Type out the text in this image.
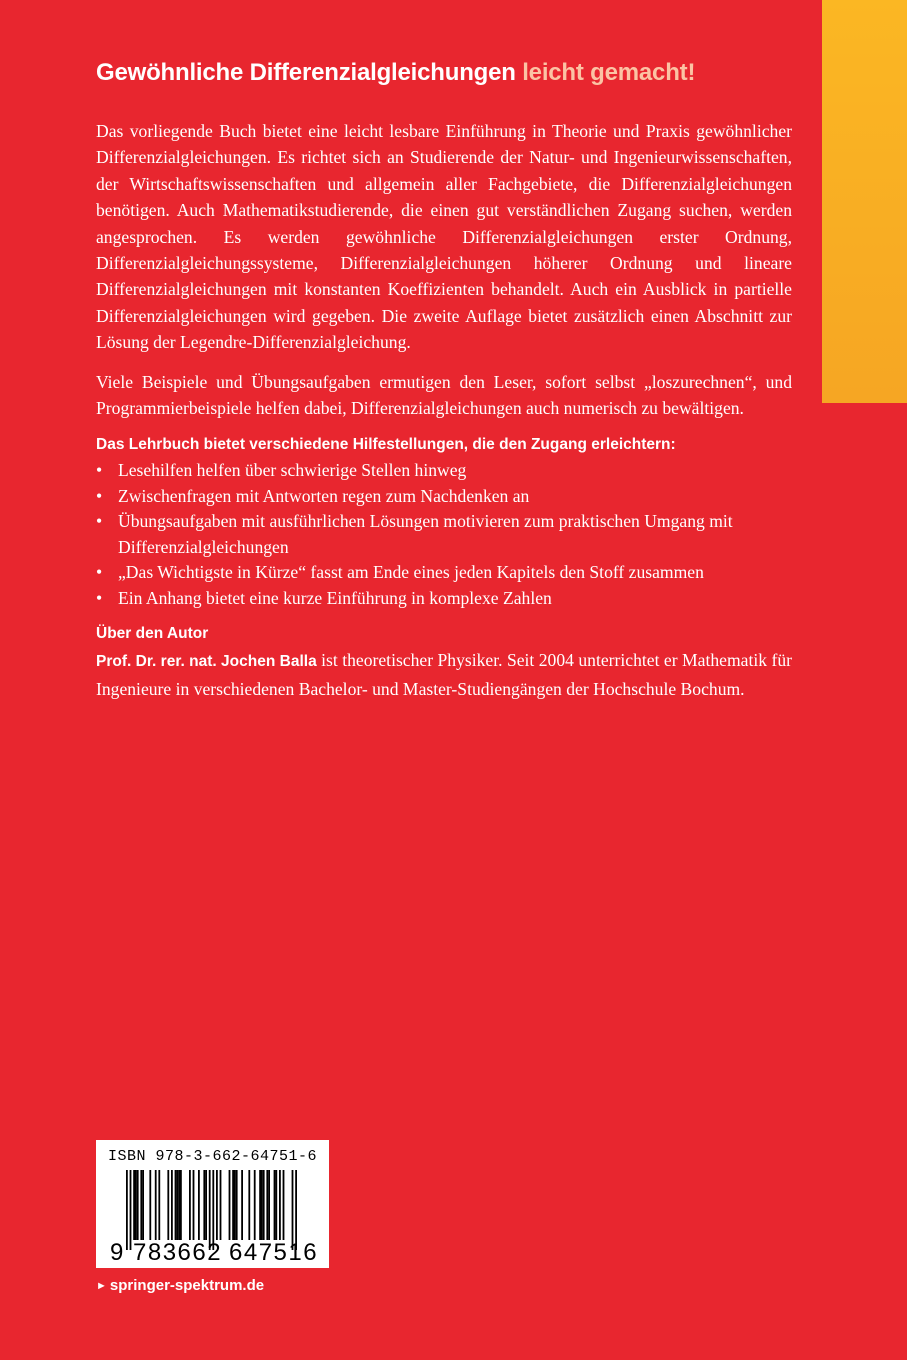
Gewöhnliche Differenzialgleichungen leicht gemacht!

Das vorliegende Buch bietet eine leicht lesbare Einführung in Theorie und Praxis gewöhnlicher Differenzialgleichungen. Es richtet sich an Studierende der Natur- und Ingenieurwissenschaften, der Wirtschaftswissenschaften und allgemein aller Fachgebiete, die Differenzialgleichungen benötigen. Auch Mathematikstudierende, die einen gut verständlichen Zugang suchen, werden angesprochen. Es werden gewöhnliche Differenzialgleichungen erster Ordnung, Differenzialgleichungssysteme, Differenzialgleichungen höherer Ordnung und lineare Differenzialgleichungen mit konstanten Koeffizienten behandelt. Auch ein Ausblick in partielle Differenzialgleichungen wird gegeben. Die zweite Auflage bietet zusätzlich einen Abschnitt zur Lösung der Legendre-Differenzialgleichung.

Viele Beispiele und Übungsaufgaben ermutigen den Leser, sofort selbst „loszurechnen“, und Programmierbeispiele helfen dabei, Differenzialgleichungen auch numerisch zu bewältigen.

Das Lehrbuch bietet verschiedene Hilfestellungen, die den Zugang erleichtern:
• Lesehilfen helfen über schwierige Stellen hinweg
• Zwischenfragen mit Antworten regen zum Nachdenken an
• Übungsaufgaben mit ausführlichen Lösungen motivieren zum praktischen Umgang mit Differenzialgleichungen
• „Das Wichtigste in Kürze“ fasst am Ende eines jeden Kapitels den Stoff zusammen
• Ein Anhang bietet eine kurze Einführung in komplexe Zahlen
Über den Autor

Prof. Dr. rer. nat. Jochen Balla ist theoretischer Physiker. Seit 2004 unterrichtet er Mathematik für Ingenieure in verschiedenen Bachelor- und Master-Studiengängen der Hochschule Bochum.

ISBN 978-3-662-64751-6
9 783662 647516
► springer-spektrum.de
